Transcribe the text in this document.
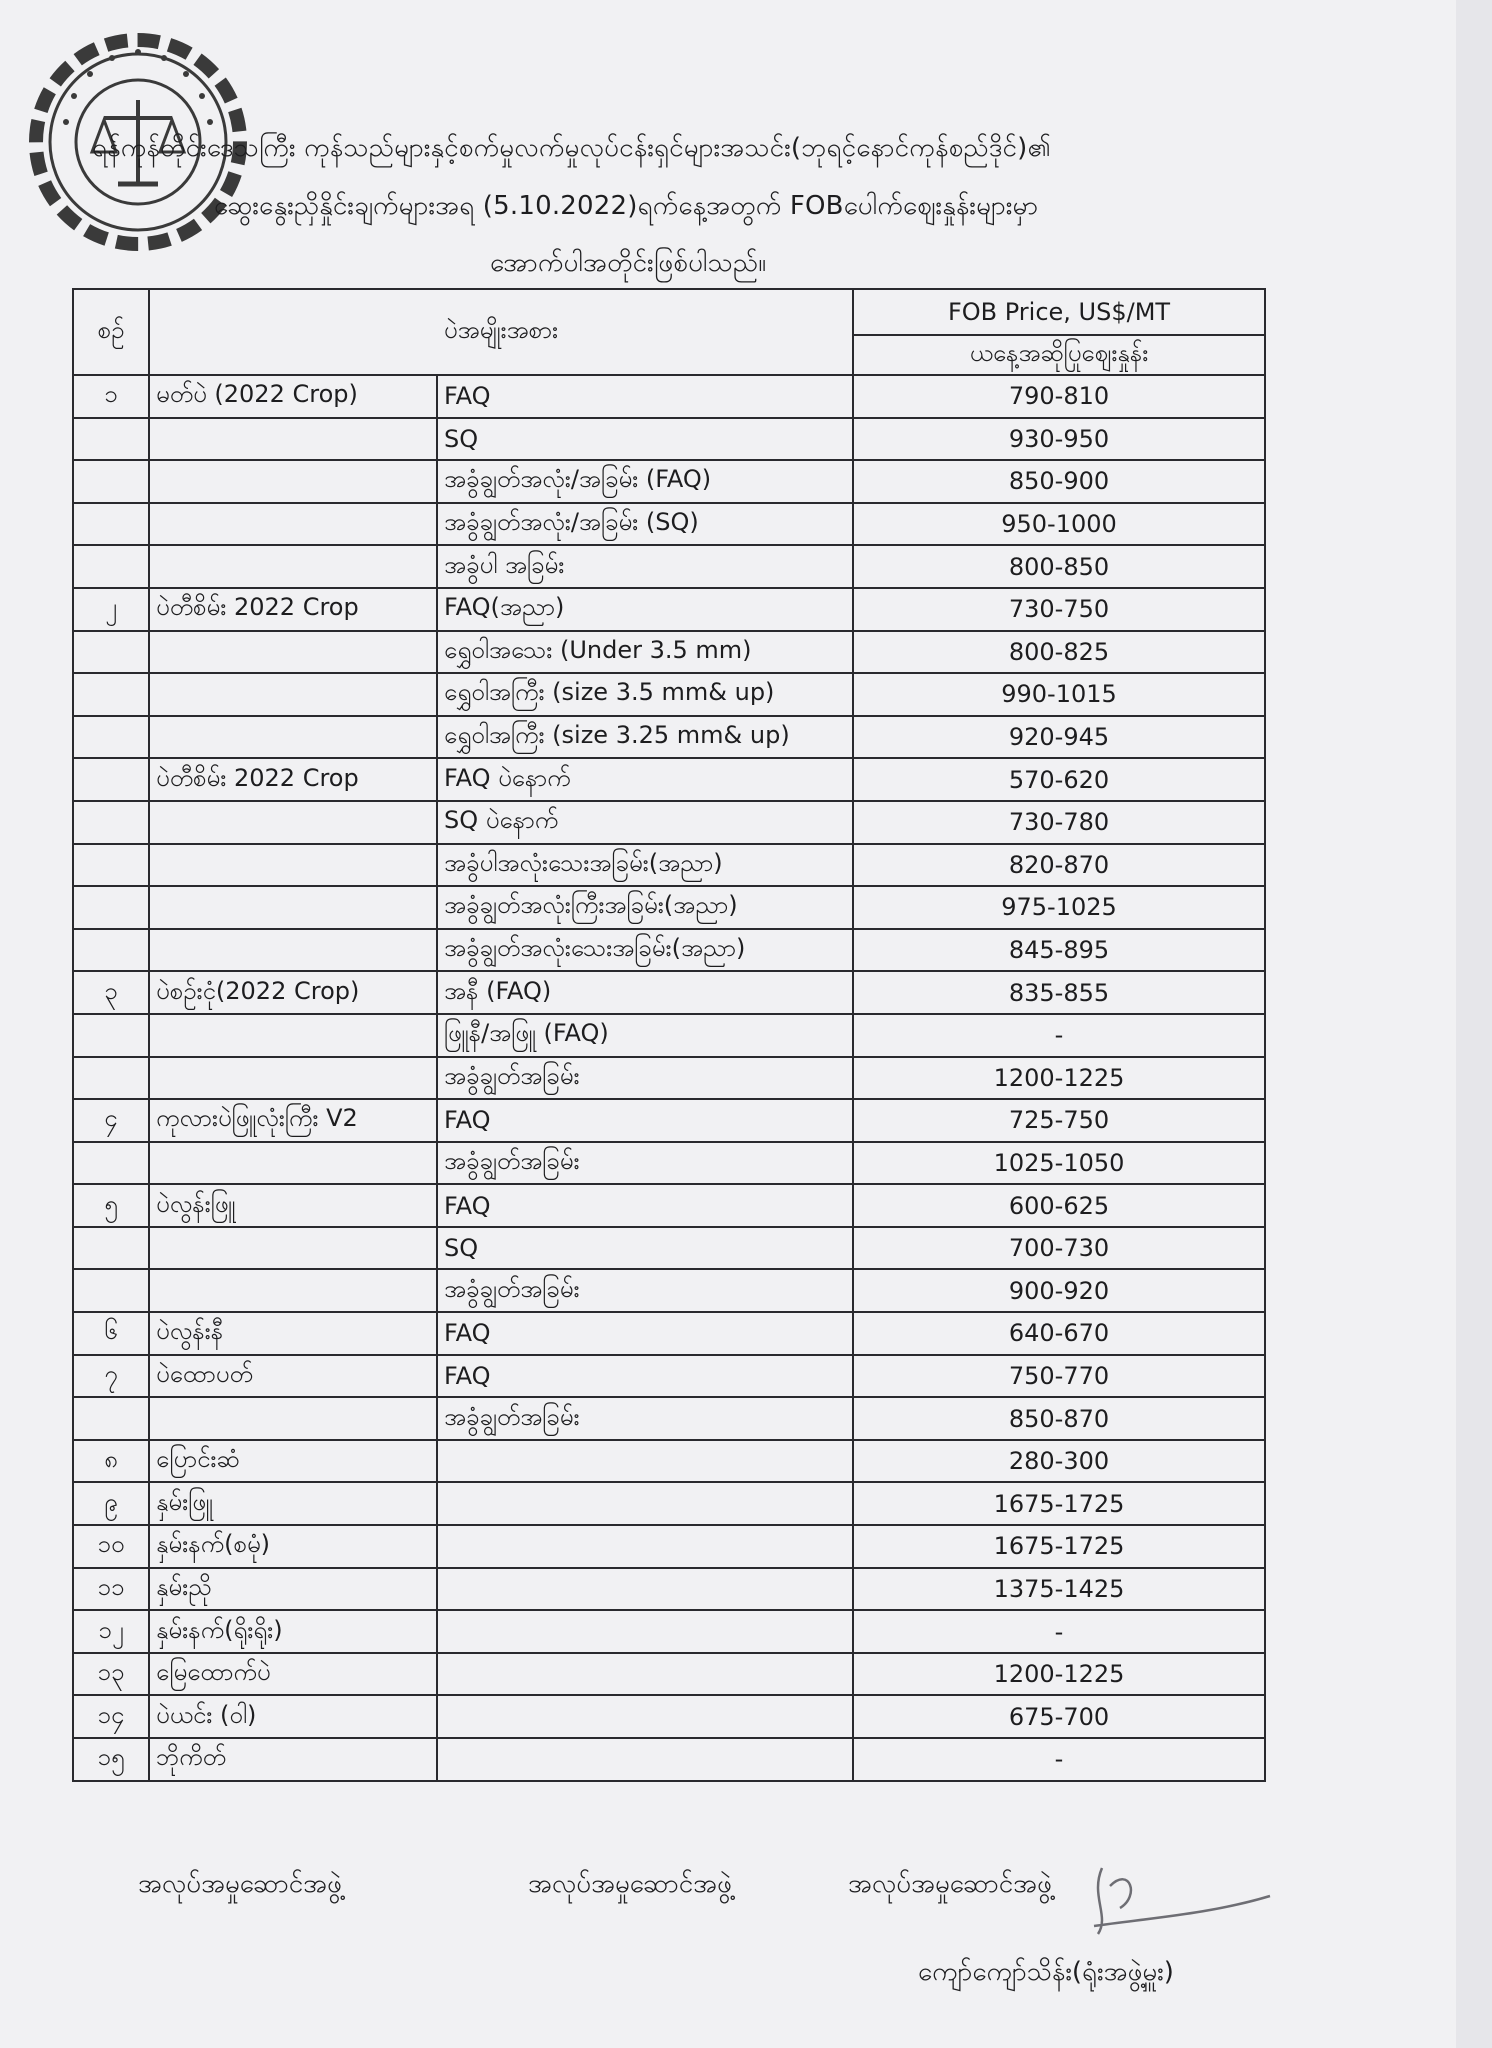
ရန်ကုန်တိုင်းဒေသကြီး ကုန်သည်များနှင့်စက်မှုလက်မှုလုပ်ငန်းရှင်များအသင်း(ဘုရင့်နောင်ကုန်စည်ဒိုင်)၏
ဆွေးနွေးညှိနှိုင်းချက်များအရ (5.10.2022)ရက်နေ့အတွက် FOBပေါက်ဈေးနှုန်းများမှာ
အောက်ပါအတိုင်းဖြစ်ပါသည်။
စဉ်	ပဲအမျိုးအစား		FOB Price, US$/MT
			ယနေ့အဆိုပြုဈေးနှုန်း
၁	မတ်ပဲ (2022 Crop)	FAQ	790-810
		SQ	930-950
		အခွံချွတ်အလုံး/အခြမ်း (FAQ)	850-900
		အခွံချွတ်အလုံး/အခြမ်း (SQ)	950-1000
		အခွံပါ အခြမ်း	800-850
၂	ပဲတီစိမ်း 2022 Crop	FAQ(အညာ)	730-750
		ရွှေဝါအသေး (Under 3.5 mm)	800-825
		ရွှေဝါအကြီး (size 3.5 mm& up)	990-1015
		ရွှေဝါအကြီး (size 3.25 mm& up)	920-945
	ပဲတီစိမ်း 2022 Crop	FAQ ပဲနောက်	570-620
		SQ ပဲနောက်	730-780
		အခွံပါအလုံးသေးအခြမ်း(အညာ)	820-870
		အခွံချွတ်အလုံးကြီးအခြမ်း(အညာ)	975-1025
		အခွံချွတ်အလုံးသေးအခြမ်း(အညာ)	845-895
၃	ပဲစဉ်းငုံ(2022 Crop)	အနီ (FAQ)	835-855
		ဖြူနီ/အဖြူ (FAQ)	-
		အခွံချွတ်အခြမ်း	1200-1225
၄	ကုလားပဲဖြူလုံးကြီး V2	FAQ	725-750
		အခွံချွတ်အခြမ်း	1025-1050
၅	ပဲလွန်းဖြူ	FAQ	600-625
		SQ	700-730
		အခွံချွတ်အခြမ်း	900-920
၆	ပဲလွန်းနီ	FAQ	640-670
၇	ပဲထောပတ်	FAQ	750-770
		အခွံချွတ်အခြမ်း	850-870
၈	ပြောင်းဆံ		280-300
၉	နှမ်းဖြူ		1675-1725
၁၀	နှမ်းနက်(စမုံ)		1675-1725
၁၁	နှမ်းညို		1375-1425
၁၂	နှမ်းနက်(ရိုးရိုး)		-
၁၃	မြေထောက်ပဲ		1200-1225
၁၄	ပဲယင်း (ဝါ)		675-700
၁၅	ဘိုကိတ်		-
အလုပ်အမှုဆောင်အဖွဲ့	အလုပ်အမှုဆောင်အဖွဲ့	အလုပ်အမှုဆောင်အဖွဲ့
ကျော်ကျော်သိန်း(ရုံးအဖွဲ့မှူး)
